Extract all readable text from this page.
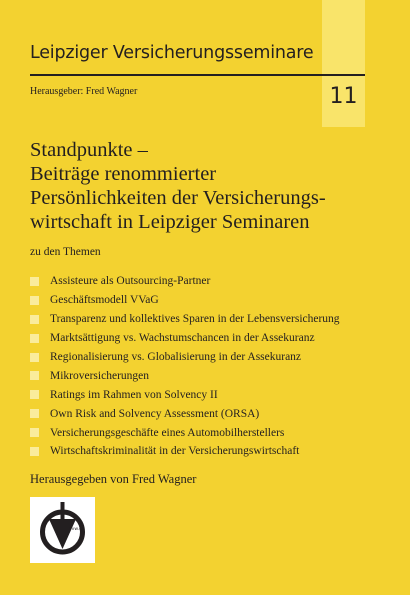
Leipziger Versicherungsseminare
Herausgeber: Fred Wagner	11
Standpunkte –
Beiträge renommierter
Persönlichkeiten der Versicherungs-
wirtschaft in Leipziger Seminaren
zu den Themen
Assisteure als Outsourcing-Partner
Geschäftsmodell VVaG
Transparenz und kollektives Sparen in der Lebensversicherung
Marktsättigung vs. Wachstumschancen in der Assekuranz
Regionalisierung vs. Globalisierung in der Assekuranz
Mikroversicherungen
Ratings im Rahmen von Solvency II
Own Risk and Solvency Assessment (ORSA)
Versicherungsgeschäfte eines Automobilherstellers
Wirtschaftskriminalität in der Versicherungswirtschaft
Herausgegeben von Fred Wagner
vvw.de
